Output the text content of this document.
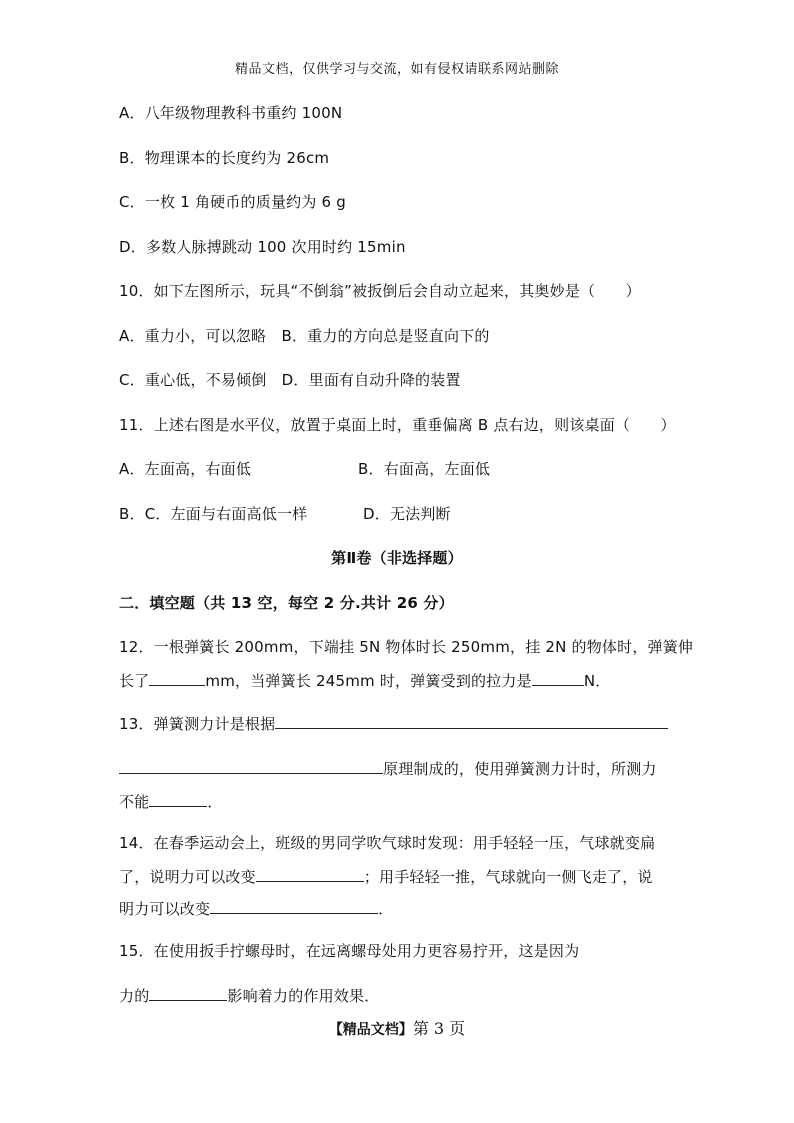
精品文档，仅供学习与交流，如有侵权请联系网站删除
A．八年级物理教科书重约 100N
B．物理课本的长度约为 26cm
C．一枚 1 角硬币的质量约为 6 g
D．多数人脉搏跳动 100 次用时约 15min
10．如下左图所示，玩具“不倒翁”被扳倒后会自动立起来，其奥妙是（　　）
A．重力小，可以忽略　B．重力的方向总是竖直向下的
C．重心低，不易倾倒　D．里面有自动升降的装置
11．上述右图是水平仪，放置于桌面上时，重垂偏离 B 点右边，则该桌面（　　）
A．左面高，右面低	B．右面高，左面低
B．C．左面与右面高低一样	D．无法判断
第Ⅱ卷（非选择题）
二．填空题（共 13 空，每空 2 分.共计 26 分）
12．一根弹簧长 200mm，下端挂 5N 物体时长 250mm，挂 2N 的物体时，弹簧伸
长了	mm，当弹簧长 245mm 时，弹簧受到的拉力是	N．
13．弹簧测力计是根据
原理制成的，使用弹簧测力计时，所测力
不能	．
14．在春季运动会上，班级的男同学吹气球时发现：用手轻轻一压，气球就变扁
了，说明力可以改变	；用手轻轻一推，气球就向一侧飞走了，说
明力可以改变	．
15．在使用扳手拧螺母时，在远离螺母处用力更容易拧开，这是因为
力的	影响着力的作用效果．
【精品文档】第 3 页
